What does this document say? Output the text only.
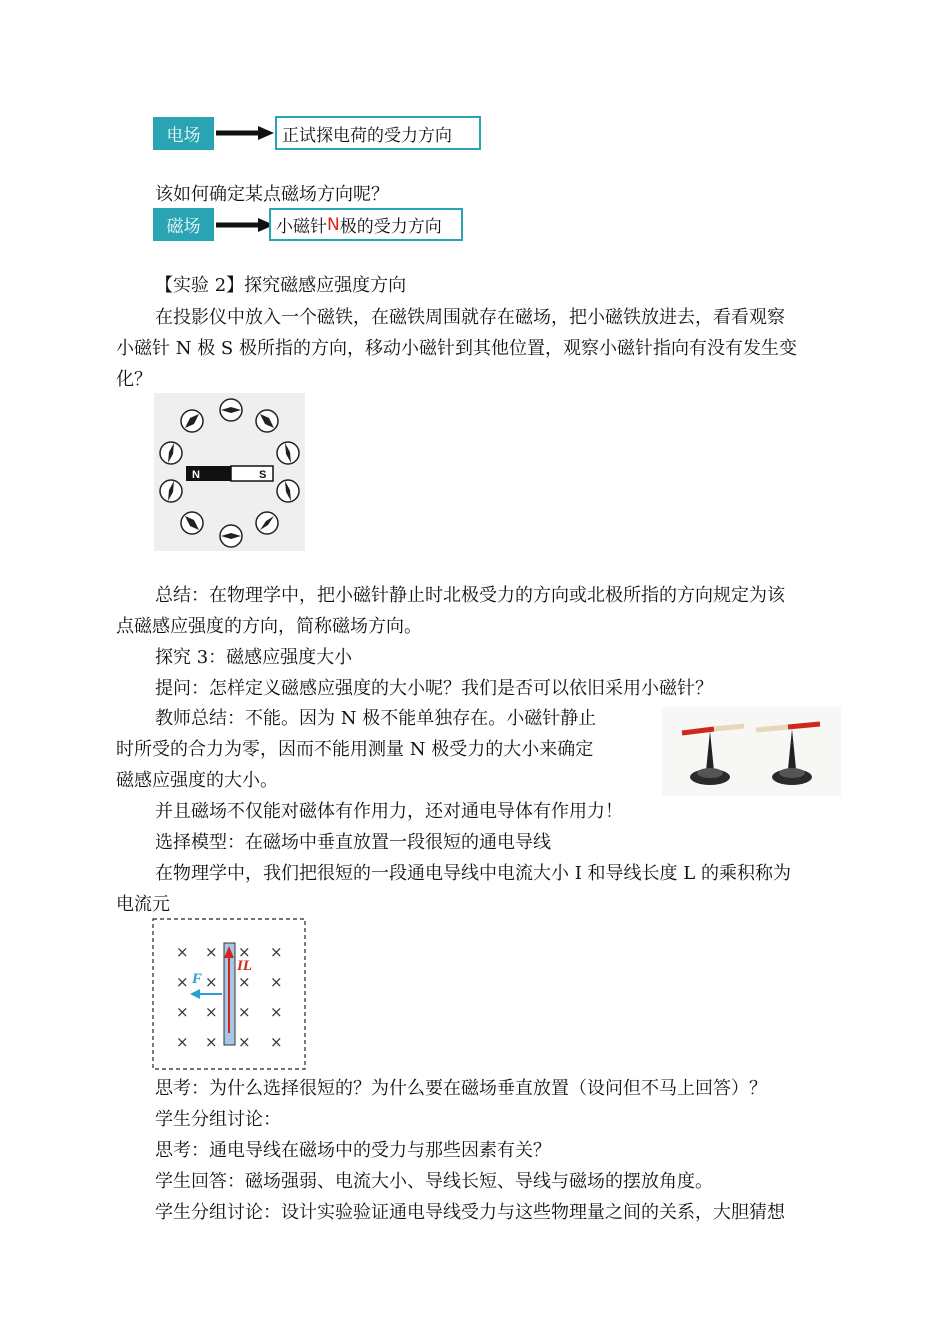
电场	正试探电荷的受力方向
该如何确定某点磁场方向呢？
磁场	小磁针 N 极的受力方向
【实验 2】探究磁感应强度方向
在投影仪中放入一个磁铁，在磁铁周围就存在磁场，把小磁铁放进去，看看观察
小磁针 N 极 S 极所指的方向，移动小磁针到其他位置，观察小磁针指向有没有发生变
化？
N	S
总结：在物理学中，把小磁针静止时北极受力的方向或北极所指的方向规定为该
点磁感应强度的方向，简称磁场方向。
探究 3：磁感应强度大小
提问：怎样定义磁感应强度的大小呢？我们是否可以依旧采用小磁针？
教师总结：不能。因为 N 极不能单独存在。小磁针静止
时所受的合力为零，因而不能用测量 N 极受力的大小来确定
磁感应强度的大小。
并且磁场不仅能对磁体有作用力，还对通电导体有作用力！
选择模型：在磁场中垂直放置一段很短的通电导线
在物理学中，我们把很短的一段通电导线中电流大小 I 和导线长度 L 的乘积称为
电流元
× × × ×
× × × ×
× × × ×
× × × ×
F
IL
思考：为什么选择很短的？为什么要在磁场垂直放置（设问但不马上回答）？
学生分组讨论：
思考：通电导线在磁场中的受力与那些因素有关？
学生回答：磁场强弱、电流大小、导线长短、导线与磁场的摆放角度。
学生分组讨论：设计实验验证通电导线受力与这些物理量之间的关系，大胆猜想
